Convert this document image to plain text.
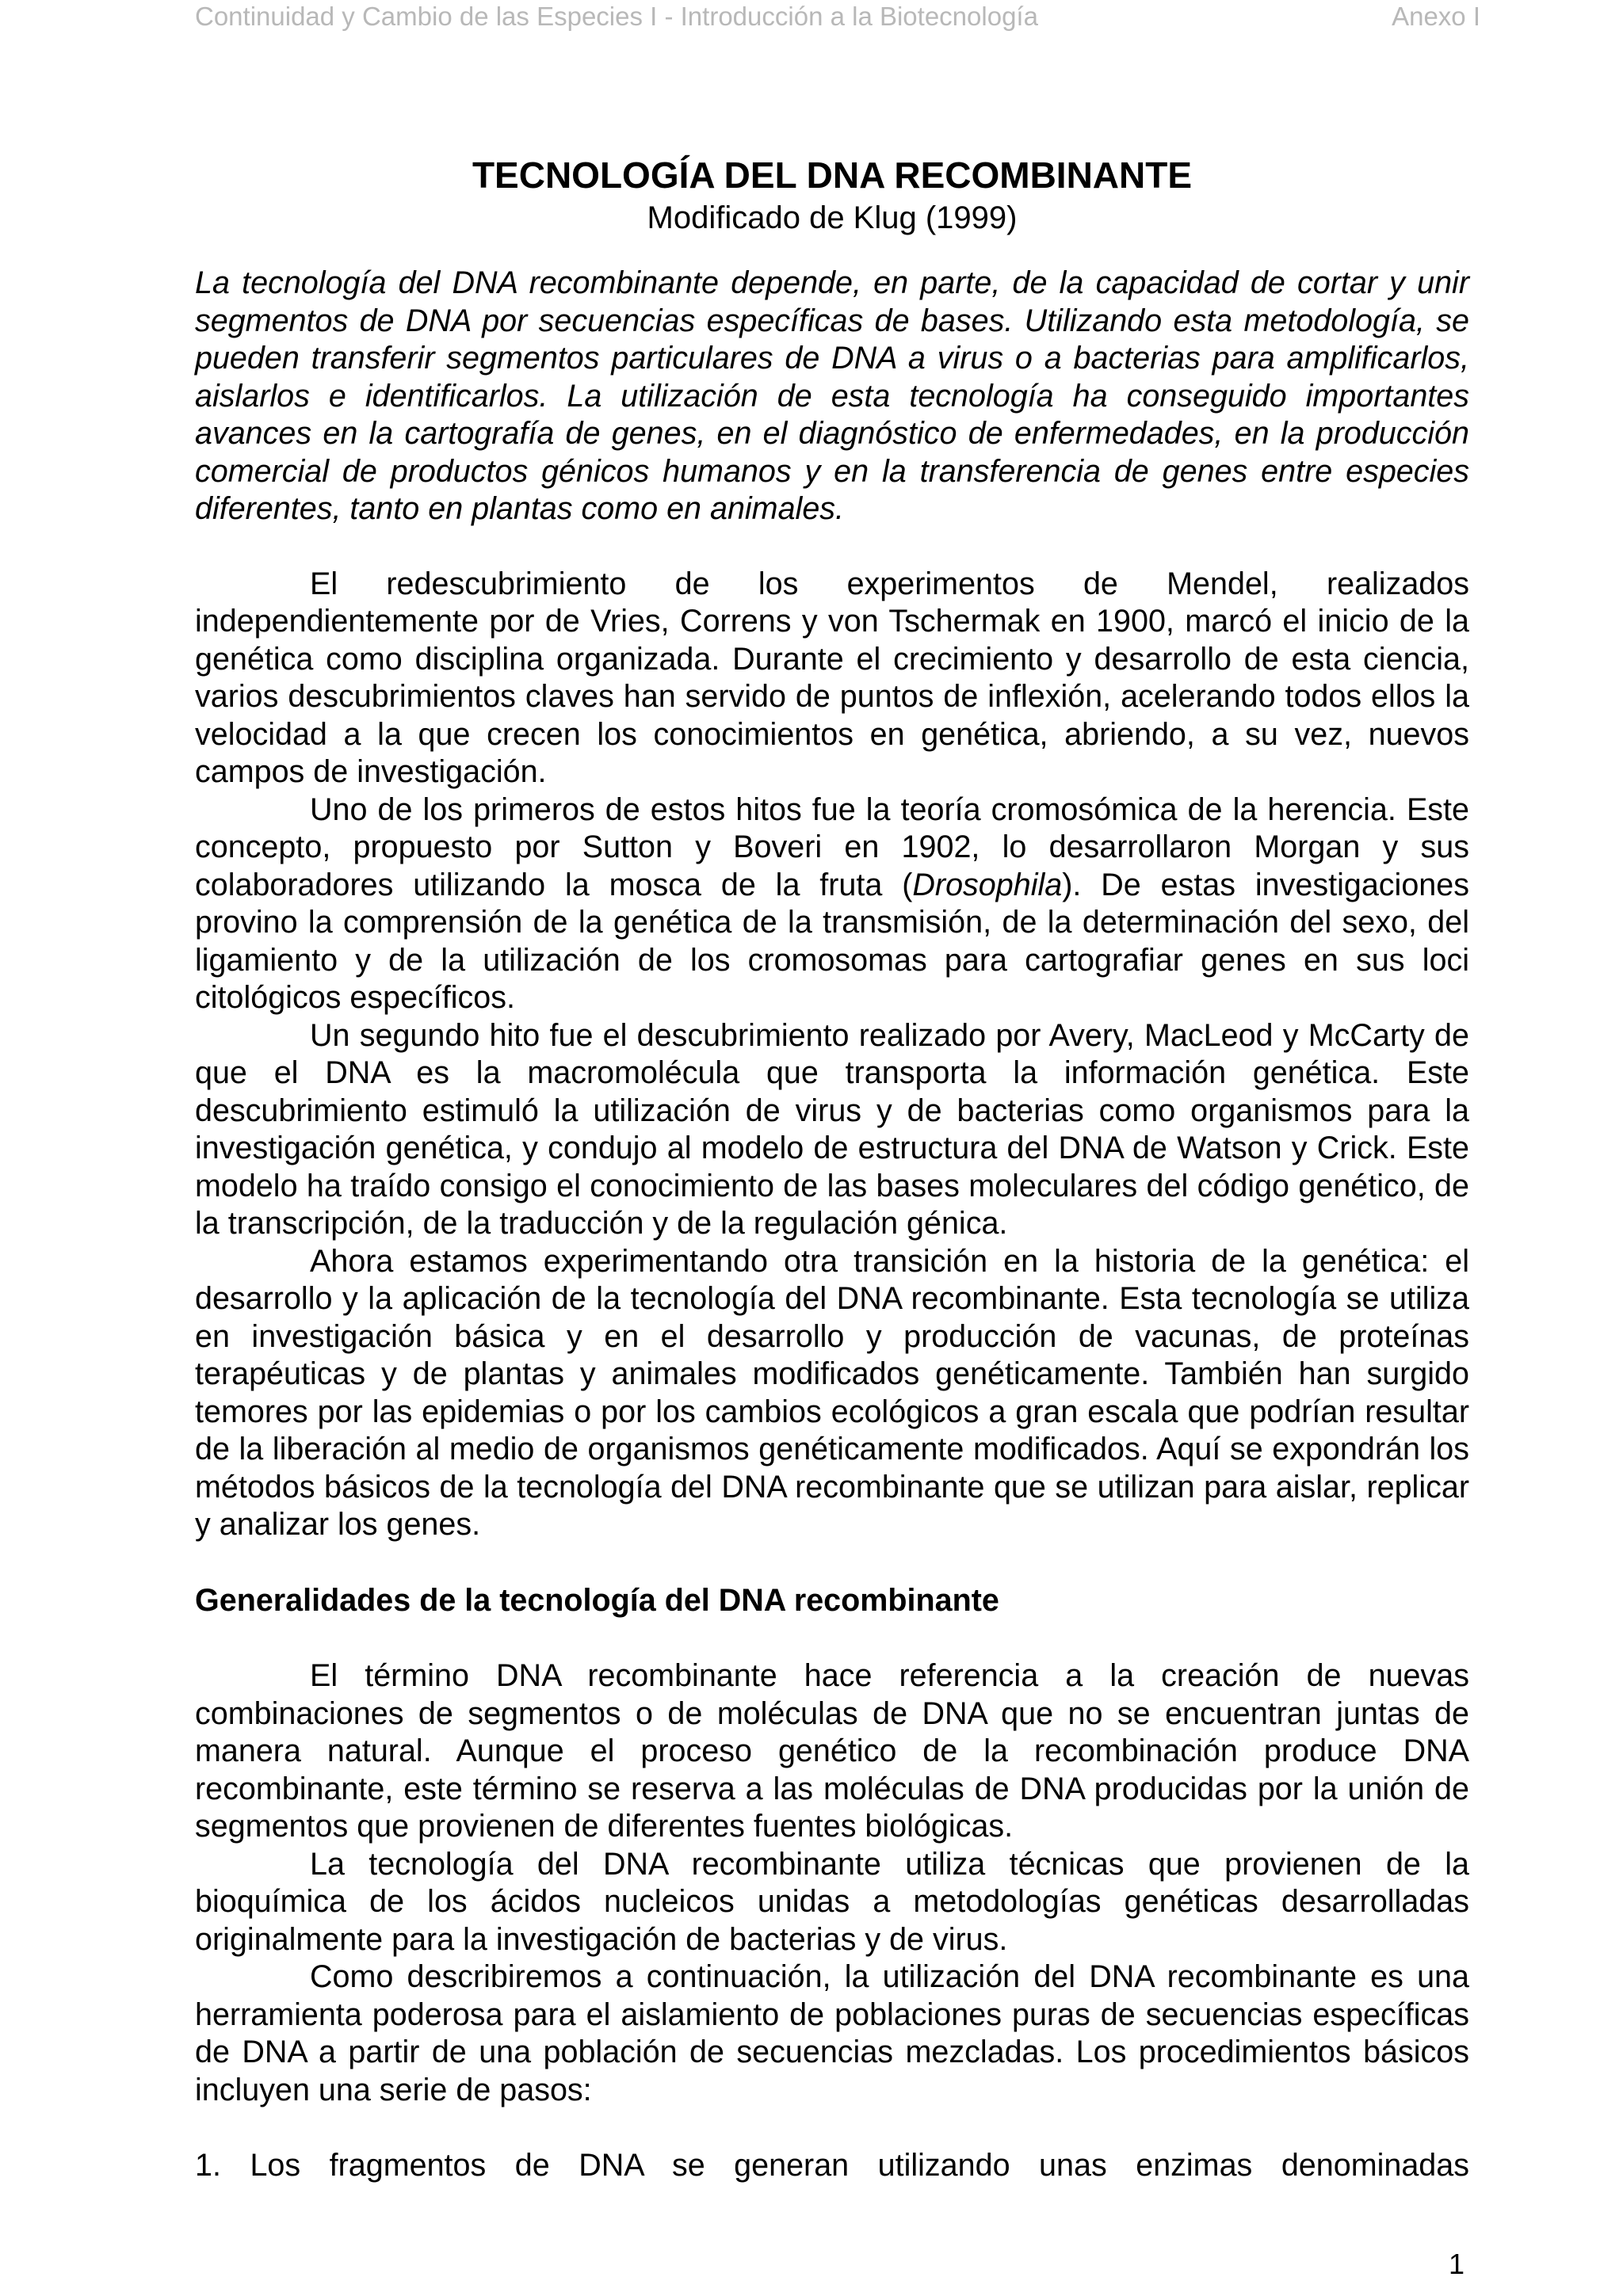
Continuidad y Cambio de las Especies I - Introducción a la Biotecnología	Anexo I
TECNOLOGÍA DEL DNA RECOMBINANTE
Modificado de Klug (1999)

La tecnología del DNA recombinante depende, en parte, de la capacidad de cortar y unir segmentos de DNA por secuencias específicas de bases. Utilizando esta metodología, se pueden transferir segmentos particulares de DNA a virus o a bacterias para amplificarlos, aislarlos e identificarlos. La utilización de esta tecnología ha conseguido importantes avances en la cartografía de genes, en el diagnóstico de enfermedades, en la producción comercial de productos génicos humanos y en la transferencia de genes entre especies diferentes, tanto en plantas como en animales.

El redescubrimiento de los experimentos de Mendel, realizados independientemente por de Vries, Correns y von Tschermak en 1900, marcó el inicio de la genética como disciplina organizada. Durante el crecimiento y desarrollo de esta ciencia, varios descubrimientos claves han servido de puntos de inflexión, acelerando todos ellos la velocidad a la que crecen los conocimientos en genética, abriendo, a su vez, nuevos campos de investigación.

Uno de los primeros de estos hitos fue la teoría cromosómica de la herencia. Este concepto, propuesto por Sutton y Boveri en 1902, lo desarrollaron Morgan y sus colaboradores utilizando la mosca de la fruta (Drosophila). De estas investigaciones provino la comprensión de la genética de la transmisión, de la determinación del sexo, del ligamiento y de la utilización de los cromosomas para cartografiar genes en sus loci citológicos específicos.

Un segundo hito fue el descubrimiento realizado por Avery, MacLeod y McCarty de que el DNA es la macromolécula que transporta la información genética. Este descubrimiento estimuló la utilización de virus y de bacterias como organismos para la investigación genética, y condujo al modelo de estructura del DNA de Watson y Crick. Este modelo ha traído consigo el conocimiento de las bases moleculares del código genético, de la transcripción, de la traducción y de la regulación génica.

Ahora estamos experimentando otra transición en la historia de la genética: el desarrollo y la aplicación de la tecnología del DNA recombinante. Esta tecnología se utiliza en investigación básica y en el desarrollo y producción de vacunas, de proteínas terapéuticas y de plantas y animales modificados genéticamente. También han surgido temores por las epidemias o por los cambios ecológicos a gran escala que podrían resultar de la liberación al medio de organismos genéticamente modificados. Aquí se expondrán los métodos básicos de la tecnología del DNA recombinante que se utilizan para aislar, replicar y analizar los genes.

Generalidades de la tecnología del DNA recombinante

El término DNA recombinante hace referencia a la creación de nuevas combinaciones de segmentos o de moléculas de DNA que no se encuentran juntas de manera natural. Aunque el proceso genético de la recombinación produce DNA recombinante, este término se reserva a las moléculas de DNA producidas por la unión de segmentos que provienen de diferentes fuentes biológicas.

La tecnología del DNA recombinante utiliza técnicas que provienen de la bioquímica de los ácidos nucleicos unidas a metodologías genéticas desarrolladas originalmente para la investigación de bacterias y de virus.

Como describiremos a continuación, la utilización del DNA recombinante es una herramienta poderosa para el aislamiento de poblaciones puras de secuencias específicas de DNA a partir de una población de secuencias mezcladas. Los procedimientos básicos incluyen una serie de pasos:

1. Los fragmentos de DNA se generan utilizando unas enzimas denominadas

1
